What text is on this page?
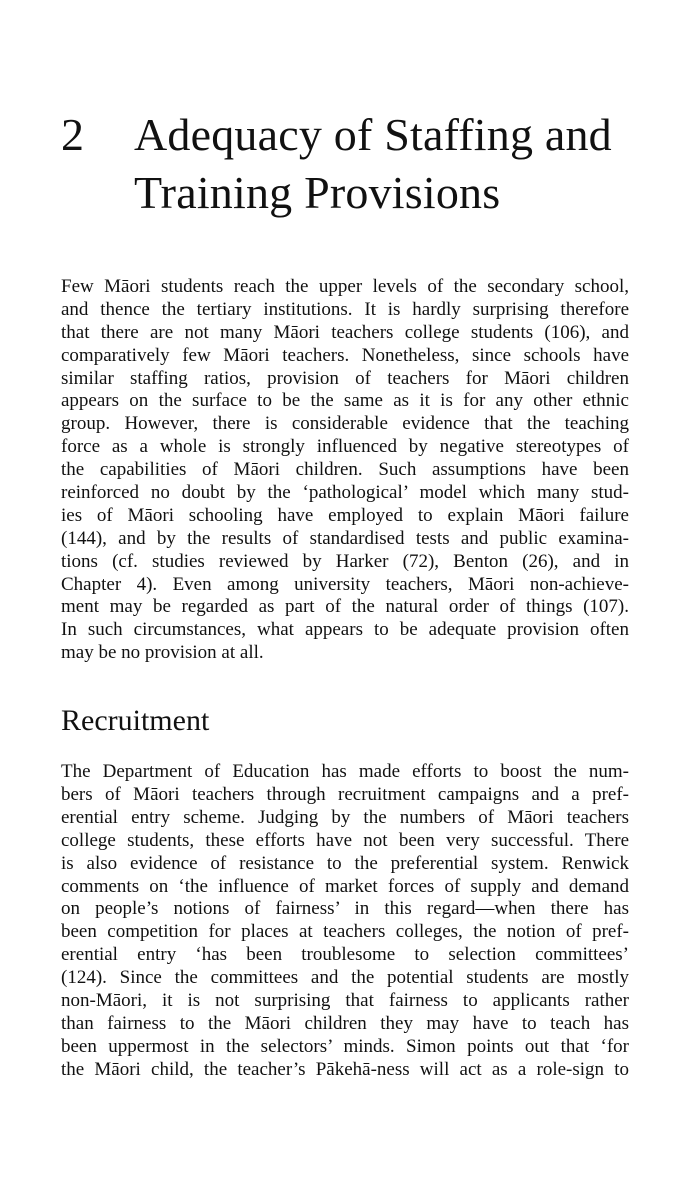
2	Adequacy of Staffing and
Training Provisions
Few Māori students reach the upper levels of the secondary school,
and thence the tertiary institutions. It is hardly surprising therefore
that there are not many Māori teachers college students (106), and
comparatively few Māori teachers. Nonetheless, since schools have
similar staffing ratios, provision of teachers for Māori children
appears on the surface to be the same as it is for any other ethnic
group. However, there is considerable evidence that the teaching
force as a whole is strongly influenced by negative stereotypes of
the capabilities of Māori children. Such assumptions have been
reinforced no doubt by the ‘pathological’ model which many stud-
ies of Māori schooling have employed to explain Māori failure
(144), and by the results of standardised tests and public examina-
tions (cf. studies reviewed by Harker (72), Benton (26), and in
Chapter 4). Even among university teachers, Māori non-achieve-
ment may be regarded as part of the natural order of things (107).
In such circumstances, what appears to be adequate provision often
may be no provision at all.
Recruitment
The Department of Education has made efforts to boost the num-
bers of Māori teachers through recruitment campaigns and a pref-
erential entry scheme. Judging by the numbers of Māori teachers
college students, these efforts have not been very successful. There
is also evidence of resistance to the preferential system. Renwick
comments on ‘the influence of market forces of supply and demand
on people’s notions of fairness’ in this regard—when there has
been competition for places at teachers colleges, the notion of pref-
erential entry ‘has been troublesome to selection committees’
(124). Since the committees and the potential students are mostly
non-Māori, it is not surprising that fairness to applicants rather
than fairness to the Māori children they may have to teach has
been uppermost in the selectors’ minds. Simon points out that ‘for
the Māori child, the teacher’s Pākehā-ness will act as a role-sign to
